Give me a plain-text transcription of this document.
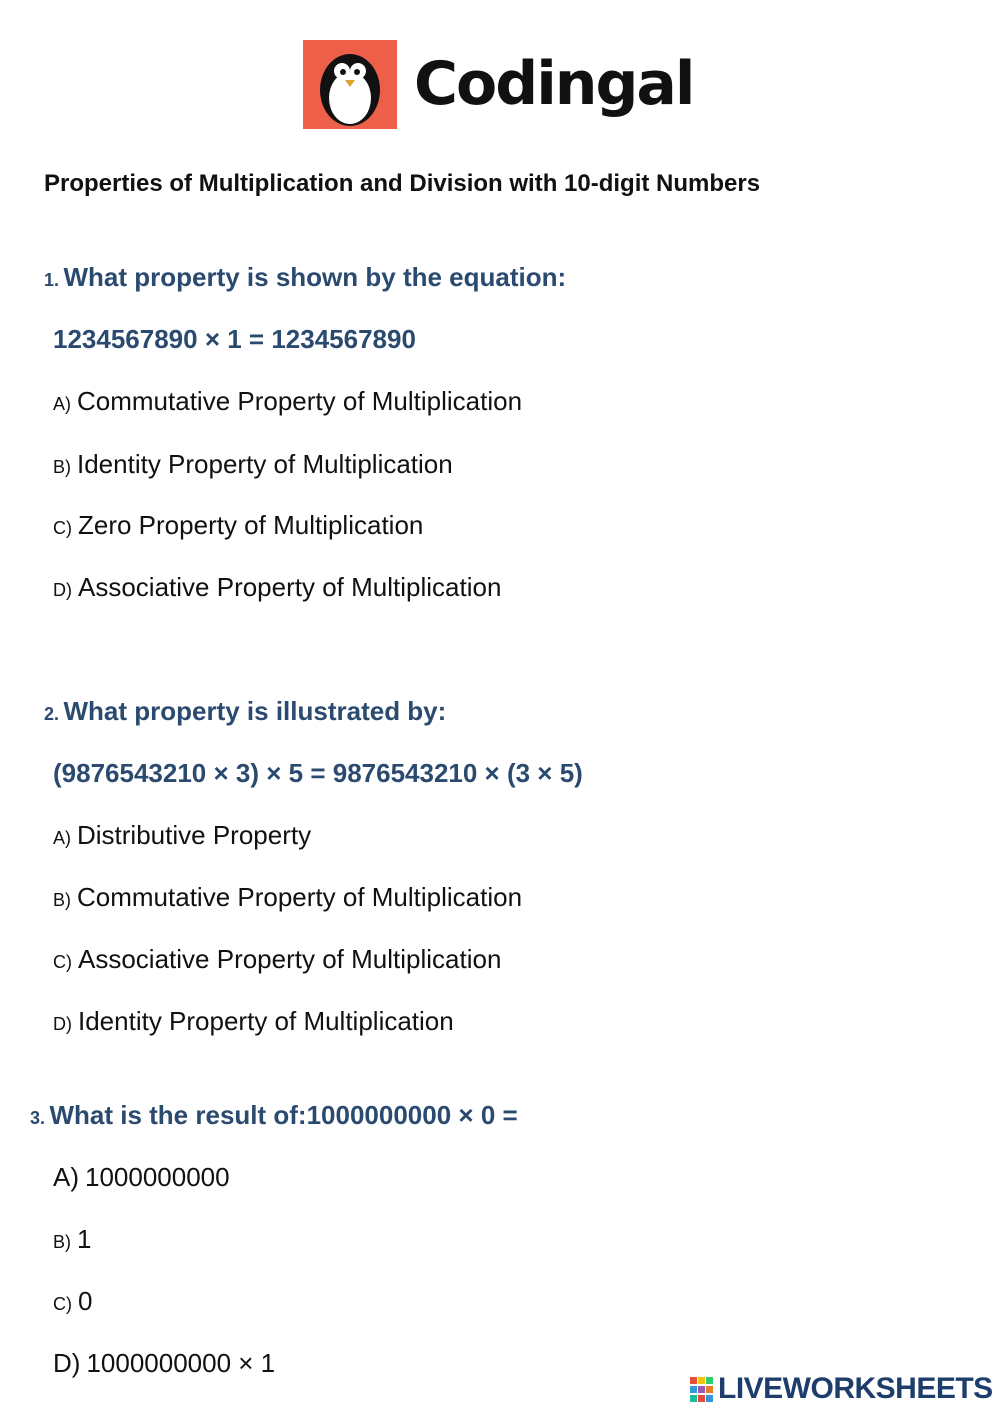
Codingal
Properties of Multiplication and Division with 10-digit Numbers
1. What property is shown by the equation:
1234567890 × 1 = 1234567890
A) Commutative Property of Multiplication
B) Identity Property of Multiplication
C) Zero Property of Multiplication
D) Associative Property of Multiplication
2. What property is illustrated by:
(9876543210 × 3) × 5 = 9876543210 × (3 × 5)
A) Distributive Property
B) Commutative Property of Multiplication
C) Associative Property of Multiplication
D) Identity Property of Multiplication
3. What is the result of:1000000000 × 0 =
A) 1000000000
B) 1
C) 0
D) 1000000000 × 1
LIVEWORKSHEETS
